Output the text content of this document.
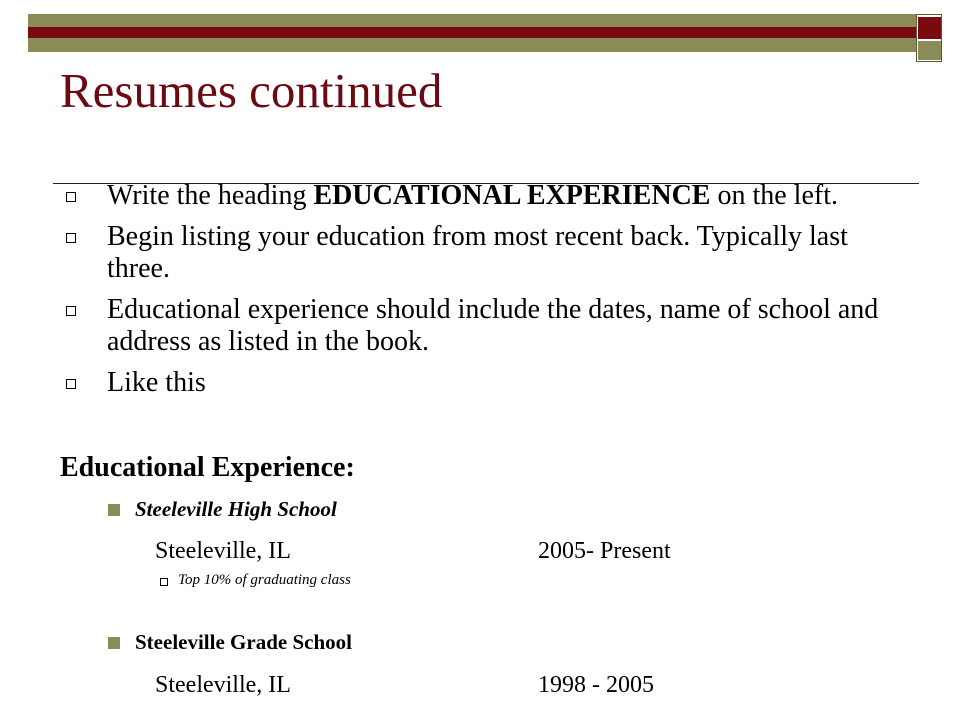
Resumes continued
Write the heading EDUCATIONAL EXPERIENCE on the left.
Begin listing your education from most recent back. Typically last three.
Educational experience should include the dates, name of school and address as listed in the book.
Like this
Educational Experience:
Steeleville High School
Steeleville, IL	2005- Present
Top 10% of graduating class
Steeleville Grade School
Steeleville, IL	1998 - 2005
